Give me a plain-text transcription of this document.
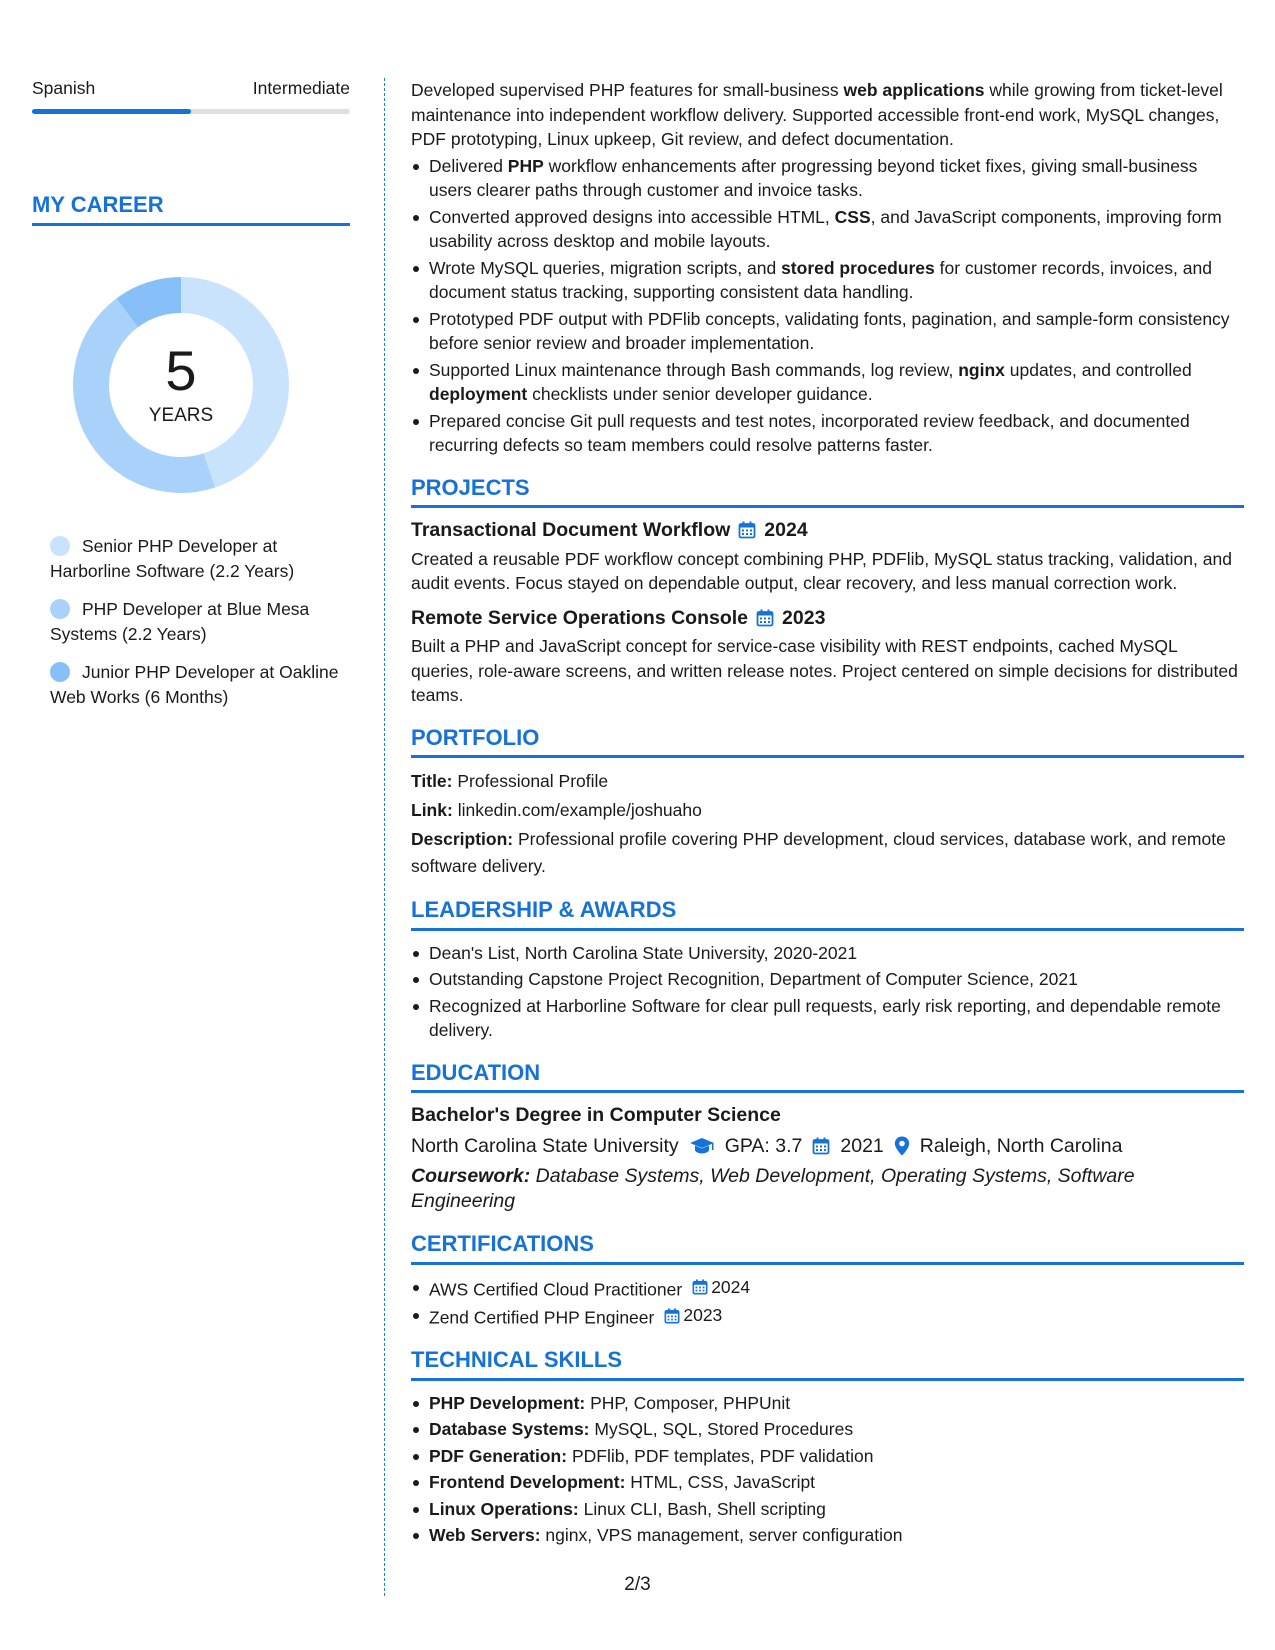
Spanish	Intermediate
MY CAREER
5
YEARS
Senior PHP Developer at Harborline Software (2.2 Years)
PHP Developer at Blue Mesa Systems (2.2 Years)
Junior PHP Developer at Oakline Web Works (6 Months)

Developed supervised PHP features for small-business web applications while growing from ticket-level maintenance into independent workflow delivery. Supported accessible front-end work, MySQL changes, PDF prototyping, Linux upkeep, Git review, and defect documentation.

Delivered PHP workflow enhancements after progressing beyond ticket fixes, giving small-business users clearer paths through customer and invoice tasks.
Converted approved designs into accessible HTML, CSS, and JavaScript components, improving form usability across desktop and mobile layouts.
Wrote MySQL queries, migration scripts, and stored procedures for customer records, invoices, and document status tracking, supporting consistent data handling.
Prototyped PDF output with PDFlib concepts, validating fonts, pagination, and sample-form consistency before senior review and broader implementation.
Supported Linux maintenance through Bash commands, log review, nginx updates, and controlled deployment checklists under senior developer guidance.
Prepared concise Git pull requests and test notes, incorporated review feedback, and documented recurring defects so team members could resolve patterns faster.
PROJECTS
Transactional Document Workflow 2024

Created a reusable PDF workflow concept combining PHP, PDFlib, MySQL status tracking, validation, and audit events. Focus stayed on dependable output, clear recovery, and less manual correction work.

Remote Service Operations Console 2023

Built a PHP and JavaScript concept for service-case visibility with REST endpoints, cached MySQL queries, role-aware screens, and written release notes. Project centered on simple decisions for distributed teams.

PORTFOLIO
Title: Professional Profile
Link: linkedin.com/example/joshuaho
Description: Professional profile covering PHP development, cloud services, database work, and remote software delivery.
LEADERSHIP & AWARDS
Dean's List, North Carolina State University, 2020-2021
Outstanding Capstone Project Recognition, Department of Computer Science, 2021
Recognized at Harborline Software for clear pull requests, early risk reporting, and dependable remote delivery.
EDUCATION
Bachelor's Degree in Computer Science
North Carolina State University GPA: 3.7 2021 Raleigh, North Carolina
Coursework: Database Systems, Web Development, Operating Systems, Software Engineering
CERTIFICATIONS
AWS Certified Cloud Practitioner 2024
Zend Certified PHP Engineer 2023
TECHNICAL SKILLS
PHP Development: PHP, Composer, PHPUnit
Database Systems: MySQL, SQL, Stored Procedures
PDF Generation: PDFlib, PDF templates, PDF validation
Frontend Development: HTML, CSS, JavaScript
Linux Operations: Linux CLI, Bash, Shell scripting
Web Servers: nginx, VPS management, server configuration
2/3
